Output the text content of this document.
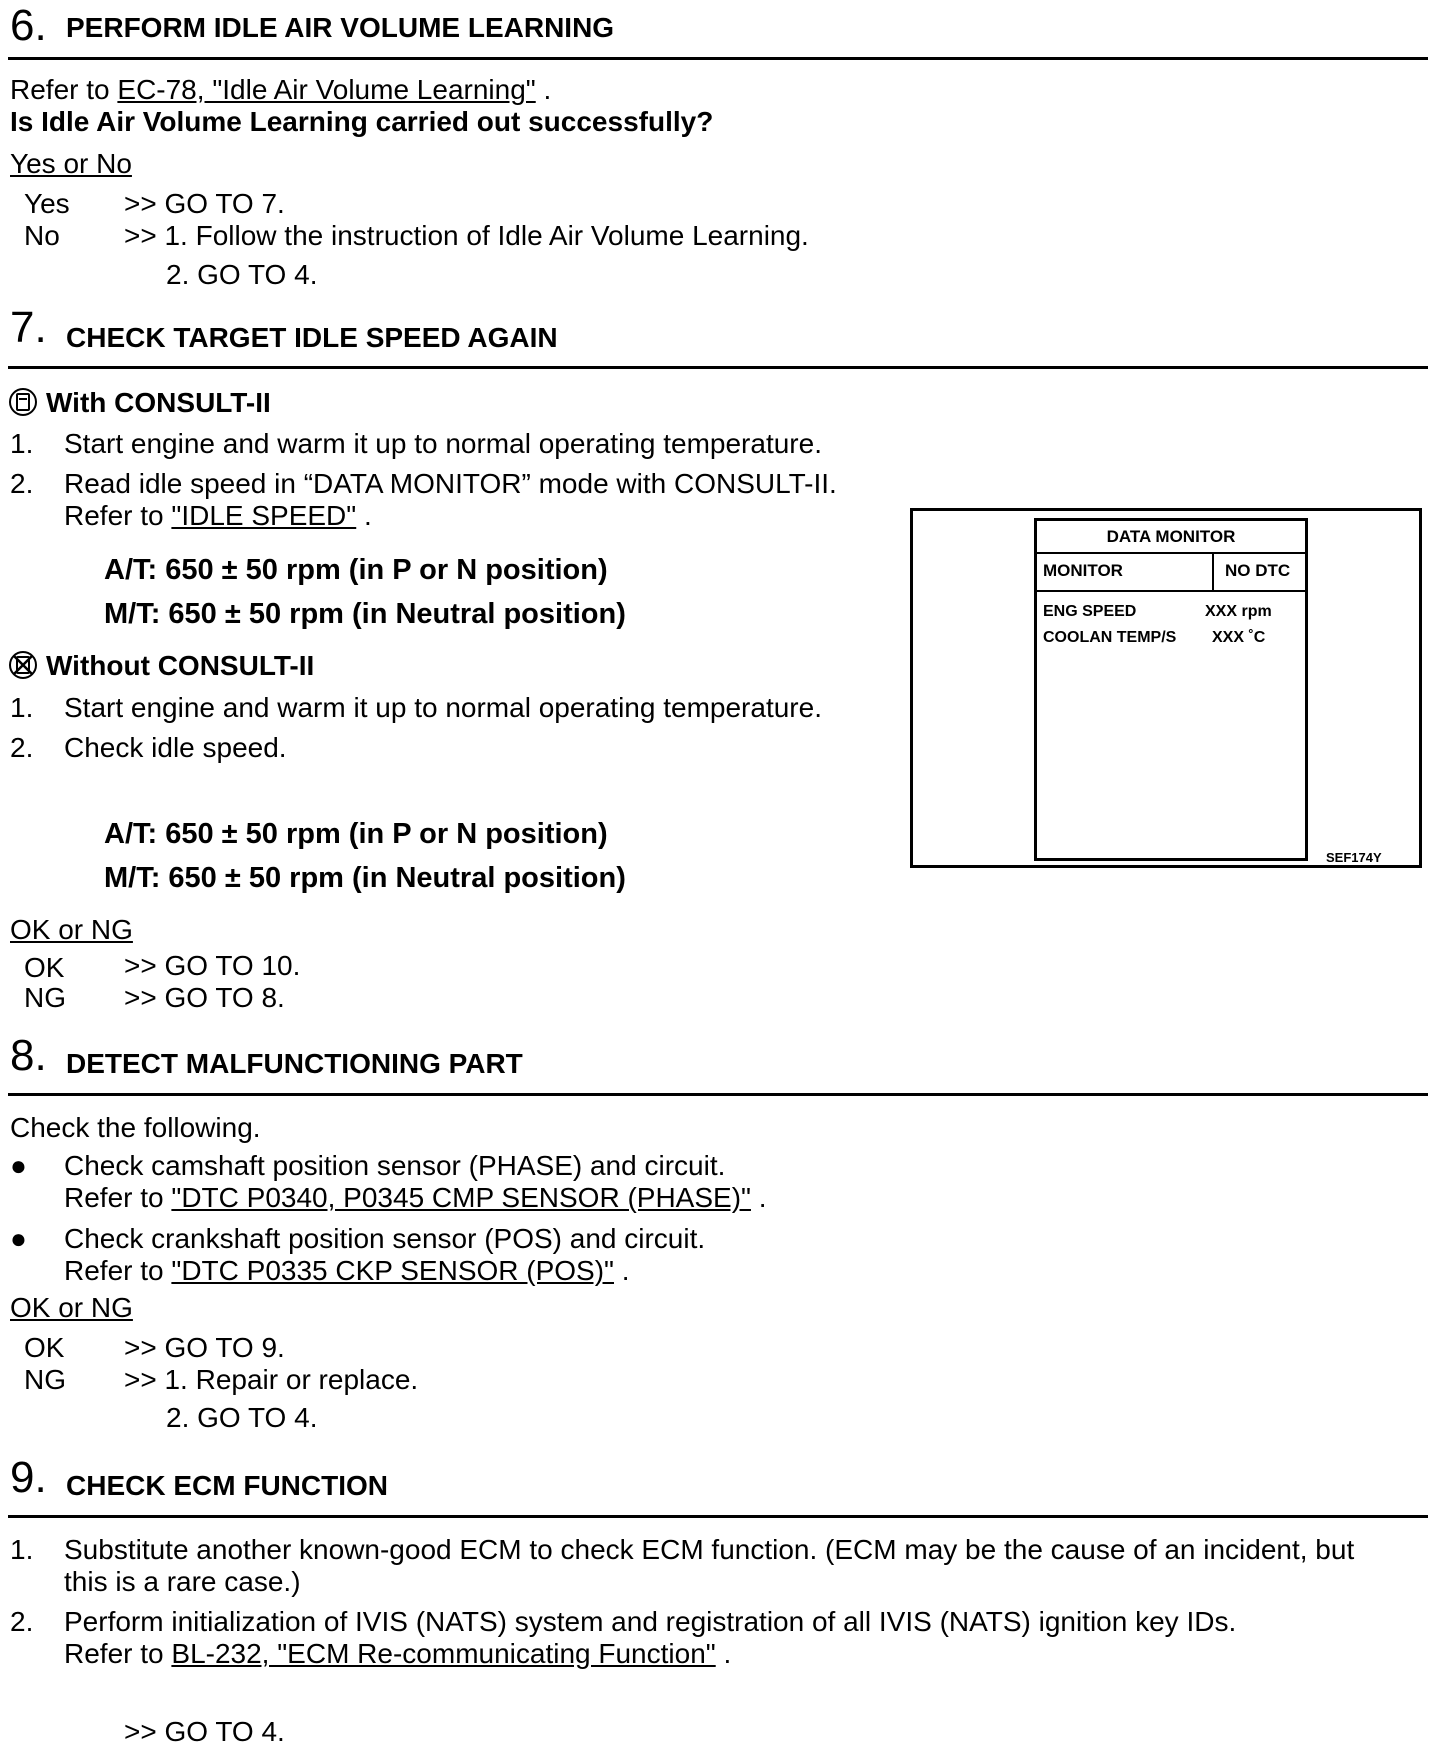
6. PERFORM IDLE AIR VOLUME LEARNING
Refer to EC-78, "Idle Air Volume Learning" .
Is Idle Air Volume Learning carried out successfully?
Yes or No
Yes >> GO TO 7.
No >> 1. Follow the instruction of Idle Air Volume Learning.
2. GO TO 4.
7. CHECK TARGET IDLE SPEED AGAIN
With CONSULT-II
1. Start engine and warm it up to normal operating temperature.
2. Read idle speed in “DATA MONITOR” mode with CONSULT-II.
Refer to "IDLE SPEED" .
A/T: 650 ± 50 rpm (in P or N position)
M/T: 650 ± 50 rpm (in Neutral position)
Without CONSULT-II
1. Start engine and warm it up to normal operating temperature.
2. Check idle speed.
A/T: 650 ± 50 rpm (in P or N position)
M/T: 650 ± 50 rpm (in Neutral position)
OK or NG
OK >> GO TO 10.
NG >> GO TO 8.
DATA MONITOR
MONITOR	NO DTC
ENG SPEED	XXX rpm
COOLAN TEMP/S XXX ˚C
SEF174Y
8. DETECT MALFUNCTIONING PART
Check the following.
● Check camshaft position sensor (PHASE) and circuit.
Refer to "DTC P0340, P0345 CMP SENSOR (PHASE)" .
● Check crankshaft position sensor (POS) and circuit.
Refer to "DTC P0335 CKP SENSOR (POS)" .
OK or NG
OK >> GO TO 9.
NG >> 1. Repair or replace.
2. GO TO 4.
9. CHECK ECM FUNCTION
1. Substitute another known-good ECM to check ECM function. (ECM may be the cause of an incident, but
this is a rare case.)
2. Perform initialization of IVIS (NATS) system and registration of all IVIS (NATS) ignition key IDs.
Refer to BL-232, "ECM Re-communicating Function" .
>> GO TO 4.
